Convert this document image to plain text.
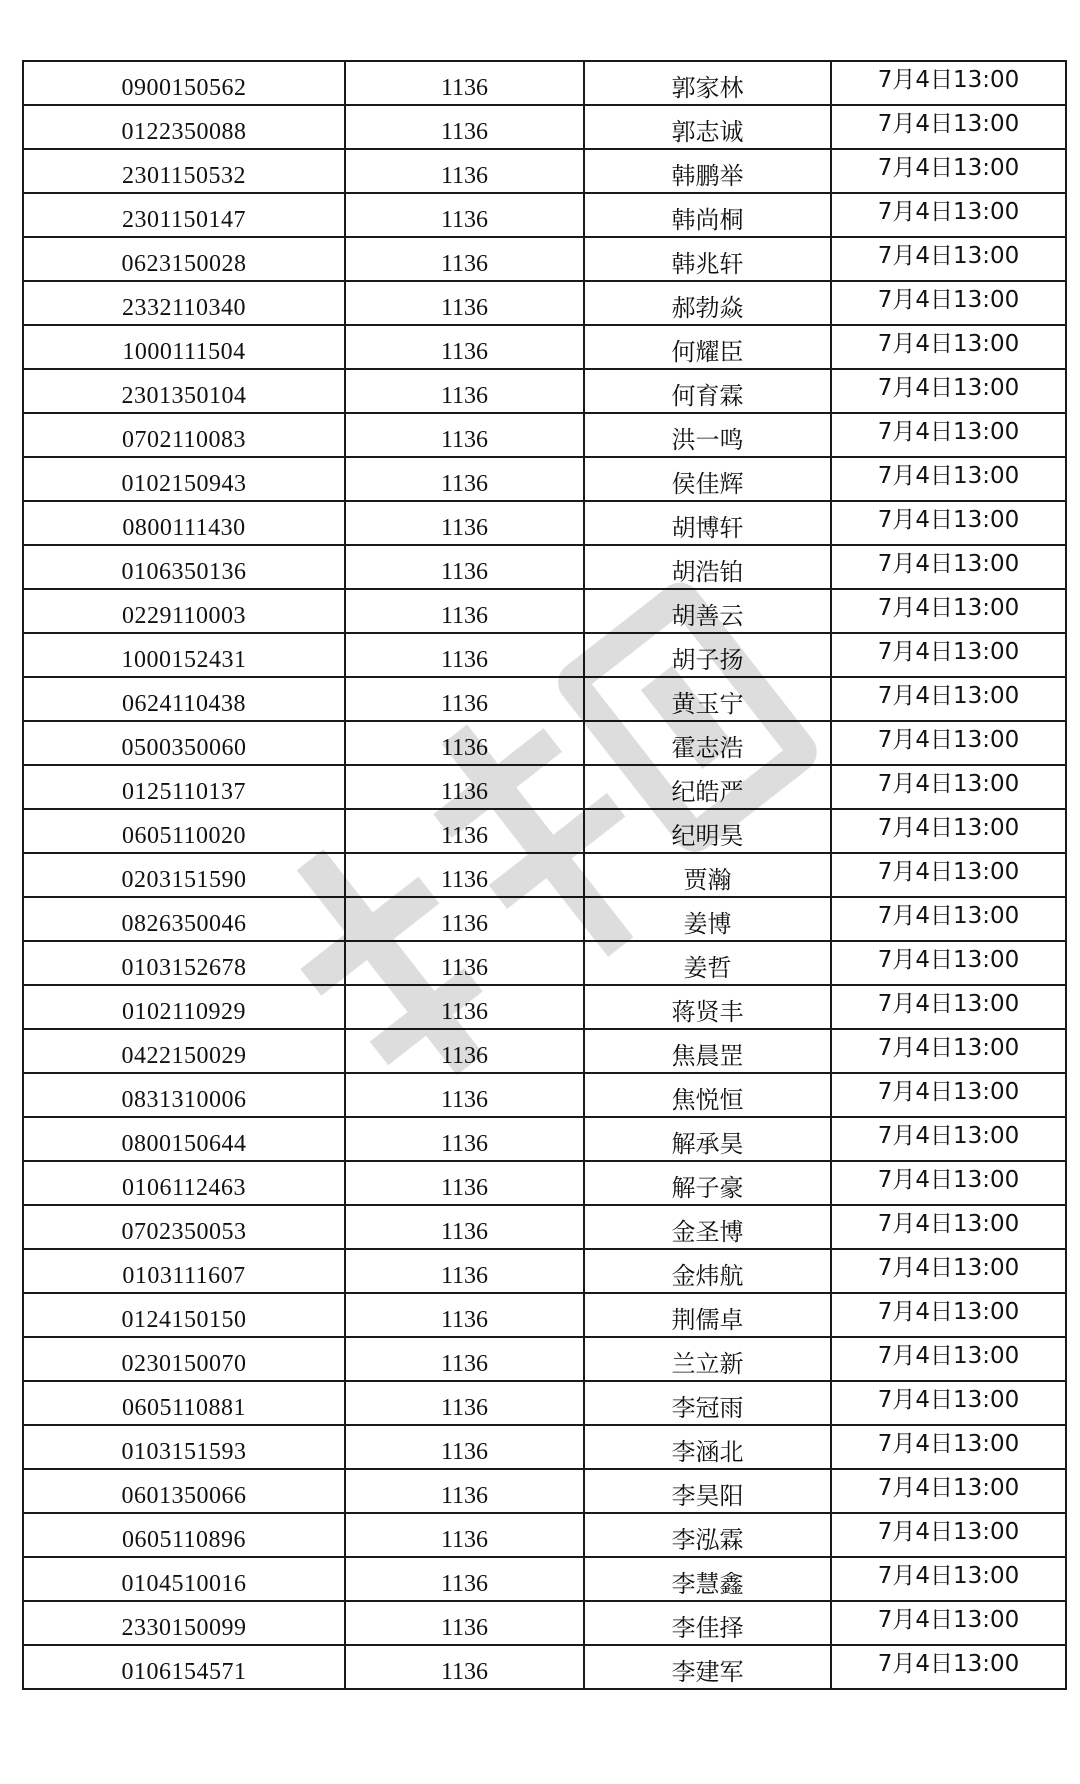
0900150562	1136	郭家林	7月4日13:00
0122350088	1136	郭志诚	7月4日13:00
2301150532	1136	韩鹏举	7月4日13:00
2301150147	1136	韩尚桐	7月4日13:00
0623150028	1136	韩兆轩	7月4日13:00
2332110340	1136	郝勃焱	7月4日13:00
1000111504	1136	何耀臣	7月4日13:00
2301350104	1136	何育霖	7月4日13:00
0702110083	1136	洪一鸣	7月4日13:00
0102150943	1136	侯佳辉	7月4日13:00
0800111430	1136	胡博轩	7月4日13:00
0106350136	1136	胡浩铂	7月4日13:00
0229110003	1136	胡善云	7月4日13:00
1000152431	1136	胡子扬	7月4日13:00
0624110438	1136	黄玉宁	7月4日13:00
0500350060	1136	霍志浩	7月4日13:00
0125110137	1136	纪皓严	7月4日13:00
0605110020	1136	纪明昊	7月4日13:00
0203151590	1136	贾瀚	7月4日13:00
0826350046	1136	姜博	7月4日13:00
0103152678	1136	姜哲	7月4日13:00
0102110929	1136	蒋贤丰	7月4日13:00
0422150029	1136	焦晨罡	7月4日13:00
0831310006	1136	焦悦恒	7月4日13:00
0800150644	1136	解承昊	7月4日13:00
0106112463	1136	解子豪	7月4日13:00
0702350053	1136	金圣博	7月4日13:00
0103111607	1136	金炜航	7月4日13:00
0124150150	1136	荆儒卓	7月4日13:00
0230150070	1136	兰立新	7月4日13:00
0605110881	1136	李冠雨	7月4日13:00
0103151593	1136	李涵北	7月4日13:00
0601350066	1136	李昊阳	7月4日13:00
0605110896	1136	李泓霖	7月4日13:00
0104510016	1136	李慧鑫	7月4日13:00
2330150099	1136	李佳择	7月4日13:00
0106154571	1136	李建军	7月4日13:00
